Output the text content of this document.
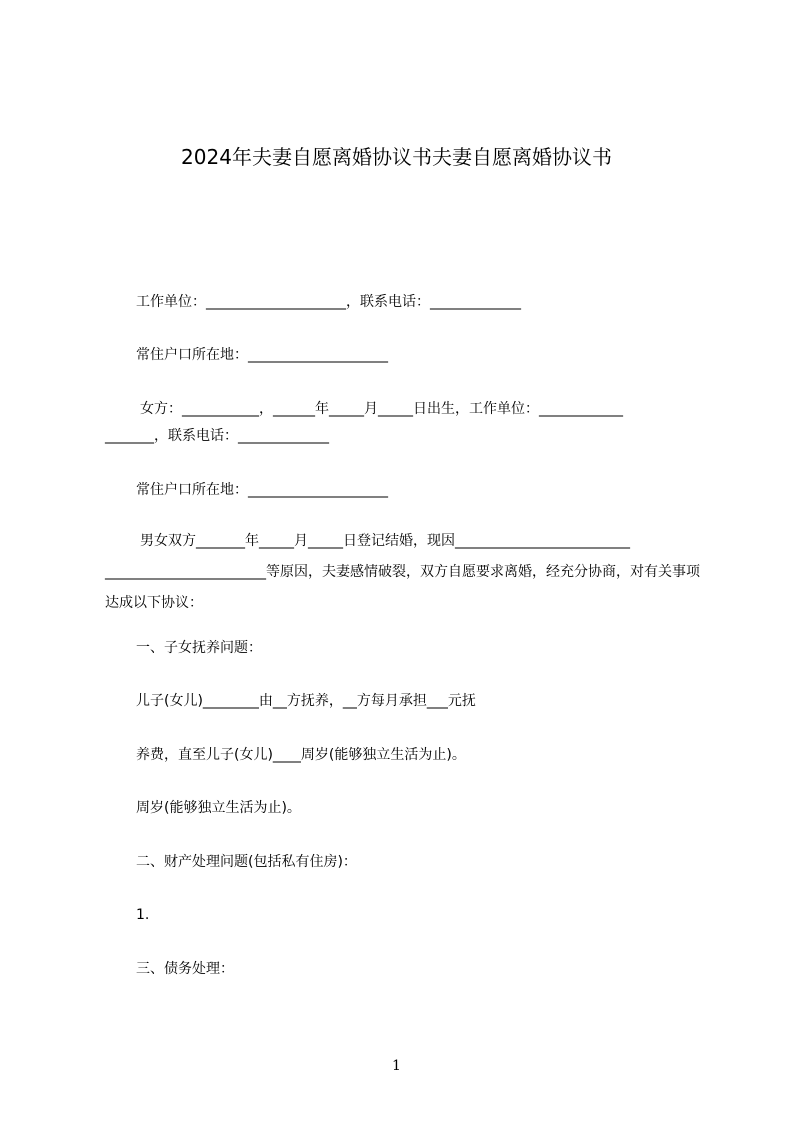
2024年夫妻自愿离婚协议书夫妻自愿离婚协议书
工作单位：____________________，联系电话：_____________
常住户口所在地：____________________
女方：___________，______年_____月_____日出生，工作单位：____________
_______，联系电话：_____________
常住户口所在地：____________________
男女双方_______年_____月_____日登记结婚，现因_________________________ _______________________等原因，夫妻感情破裂，双方自愿要求离婚，经充分协商，对有关事项达成以下协议：
一、子女抚养问题：
儿子(女儿)________由__方抚养，__方每月承担___元抚
养费，直至儿子(女儿)____周岁(能够独立生活为止)。
周岁(能够独立生活为止)。
二、财产处理问题(包括私有住房)：
1.
三、债务处理：
1
